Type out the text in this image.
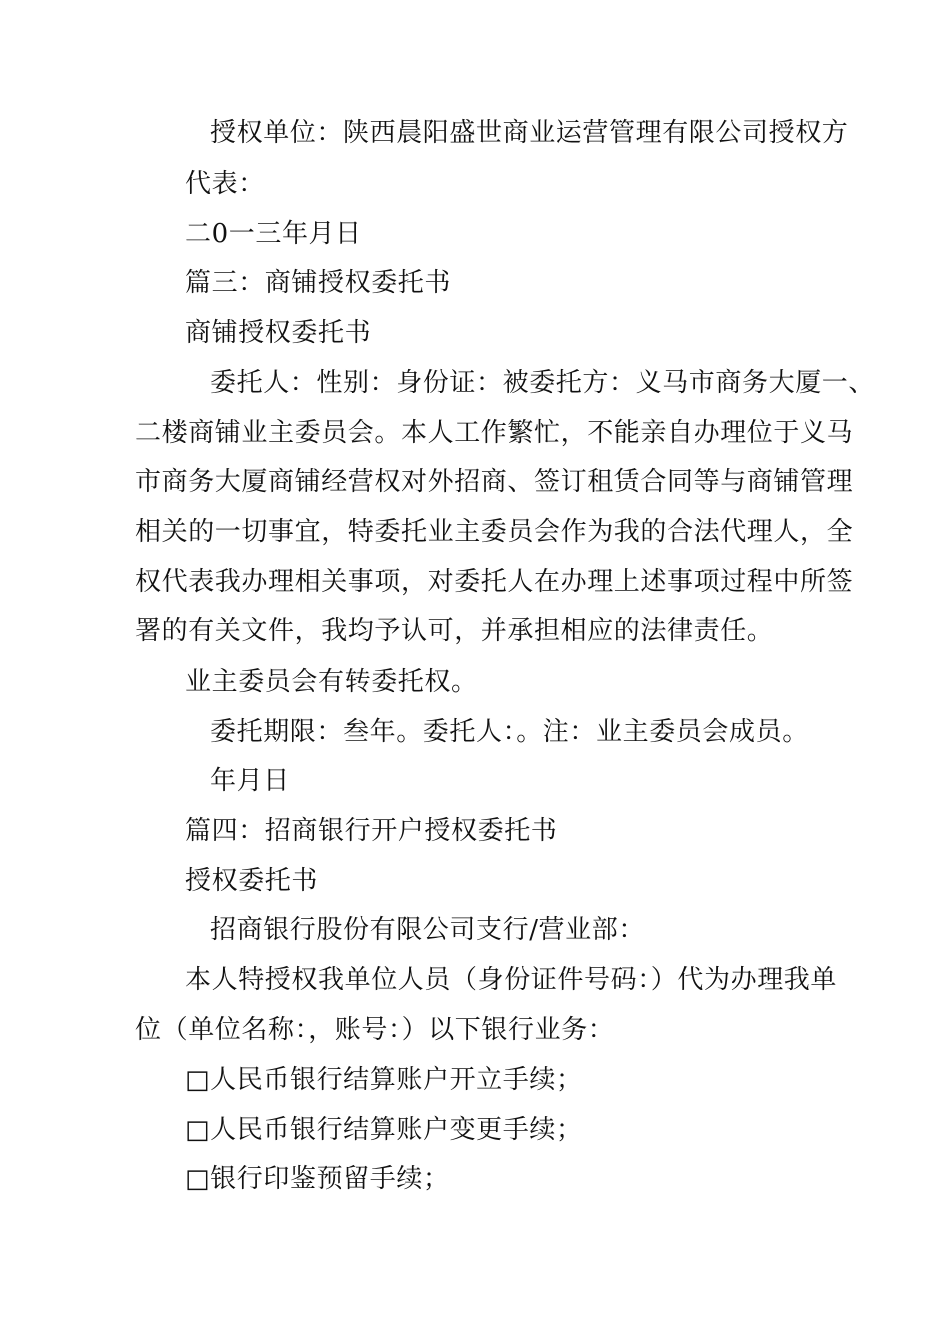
授权单位：陕西晨阳盛世商业运营管理有限公司授权方
代表：
二0一三年月日
篇三：商铺授权委托书
商铺授权委托书
委托人：性别：身份证：被委托方：义马市商务大厦一、
二楼商铺业主委员会。本人工作繁忙，不能亲自办理位于义马
市商务大厦商铺经营权对外招商、签订租赁合同等与商铺管理
相关的一切事宜，特委托业主委员会作为我的合法代理人，全
权代表我办理相关事项，对委托人在办理上述事项过程中所签
署的有关文件，我均予认可，并承担相应的法律责任。
业主委员会有转委托权。
委托期限：叁年。委托人：。注：业主委员会成员。
年月日
篇四：招商银行开户授权委托书
授权委托书
招商银行股份有限公司支行/营业部：
本人特授权我单位人员（身份证件号码：）代为办理我单
位（单位名称：，账号：）以下银行业务：
□人民币银行结算账户开立手续；
□人民币银行结算账户变更手续；
□银行印鉴预留手续；
